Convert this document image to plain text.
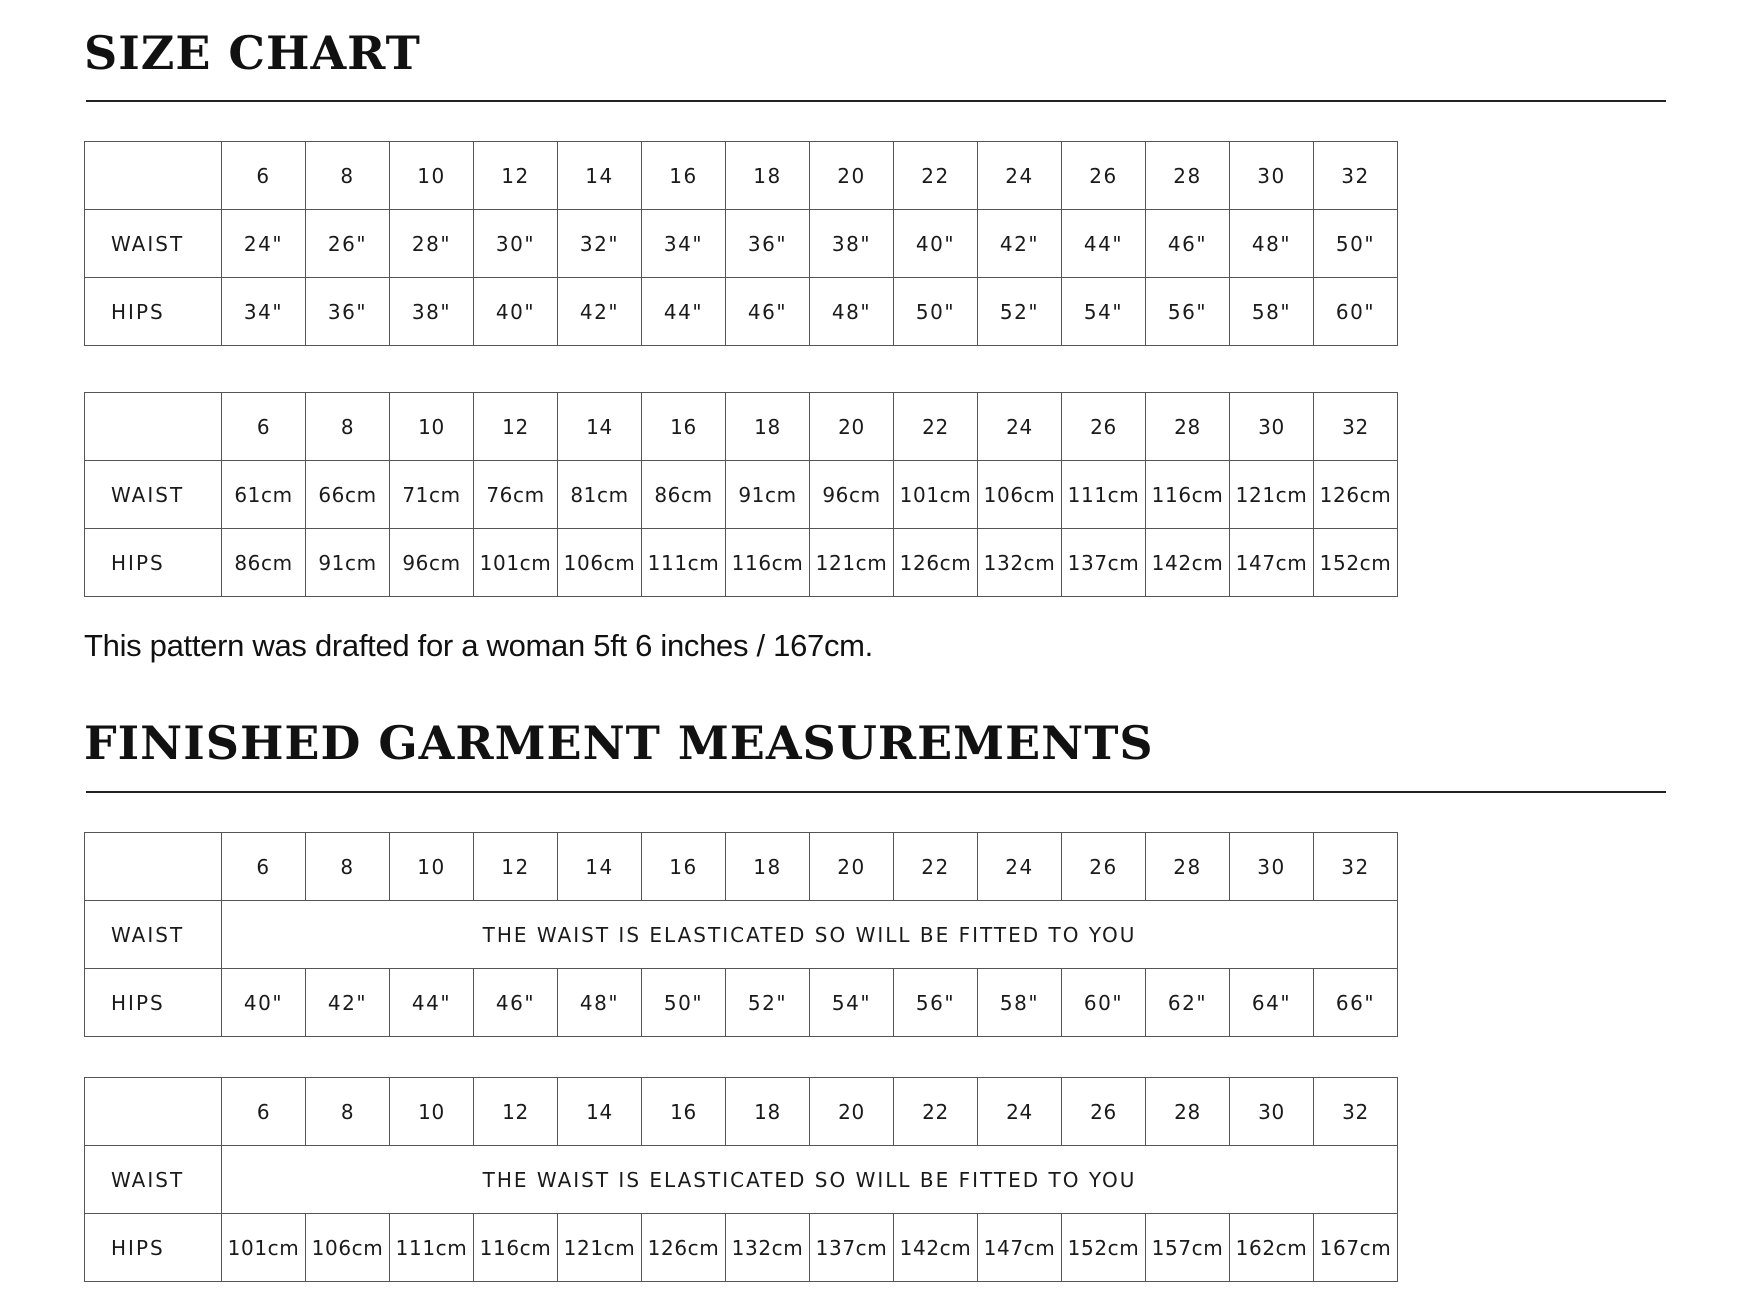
SIZE CHART
	6	8	10	12	14	16	18	20	22	24	26	28	30	32
WAIST	24"	26"	28"	30"	32"	34"	36"	38"	40"	42"	44"	46"	48"	50"
HIPS	34"	36"	38"	40"	42"	44"	46"	48"	50"	52"	54"	56"	58"	60"
	6	8	10	12	14	16	18	20	22	24	26	28	30	32
WAIST	61cm	66cm	71cm	76cm	81cm	86cm	91cm	96cm	101cm	106cm	111cm	116cm	121cm	126cm
HIPS	86cm	91cm	96cm	101cm	106cm	111cm	116cm	121cm	126cm	132cm	137cm	142cm	147cm	152cm

This pattern was drafted for a woman 5ft 6 inches / 167cm.

FINISHED GARMENT MEASUREMENTS
	6	8	10	12	14	16	18	20	22	24	26	28	30	32
WAIST	THE WAIST IS ELASTICATED SO WILL BE FITTED TO YOU													
HIPS	40"	42"	44"	46"	48"	50"	52"	54"	56"	58"	60"	62"	64"	66"
	6	8	10	12	14	16	18	20	22	24	26	28	30	32
WAIST	THE WAIST IS ELASTICATED SO WILL BE FITTED TO YOU													
HIPS	101cm	106cm	111cm	116cm	121cm	126cm	132cm	137cm	142cm	147cm	152cm	157cm	162cm	167cm
